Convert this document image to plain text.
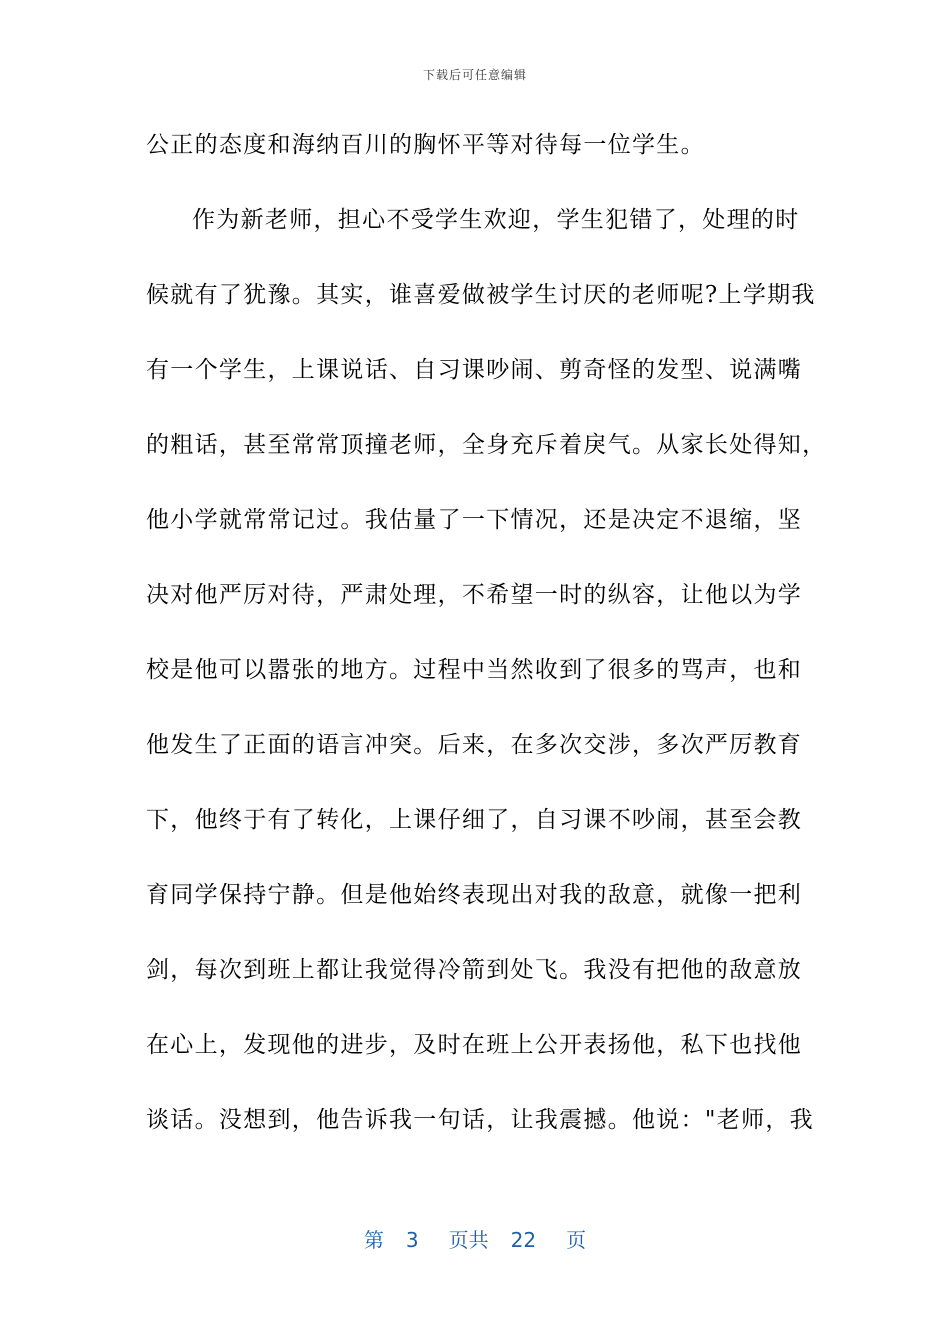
下载后可任意编辑
公正的态度和海纳百川的胸怀平等对待每一位学生。
作为新老师，担心不受学生欢迎，学生犯错了，处理的时
候就有了犹豫。其实，谁喜爱做被学生讨厌的老师呢?上学期我
有一个学生，上课说话、自习课吵闹、剪奇怪的发型、说满嘴
的粗话，甚至常常顶撞老师，全身充斥着戾气。从家长处得知，
他小学就常常记过。我估量了一下情况，还是决定不退缩，坚
决对他严厉对待，严肃处理，不希望一时的纵容，让他以为学
校是他可以嚣张的地方。过程中当然收到了很多的骂声，也和
他发生了正面的语言冲突。后来，在多次交涉，多次严厉教育
下，他终于有了转化，上课仔细了，自习课不吵闹，甚至会教
育同学保持宁静。但是他始终表现出对我的敌意，就像一把利
剑，每次到班上都让我觉得冷箭到处飞。我没有把他的敌意放
在心上，发现他的进步，及时在班上公开表扬他，私下也找他
谈话。没想到，他告诉我一句话，让我震撼。他说："老师，我
第 3 页共 22 页
